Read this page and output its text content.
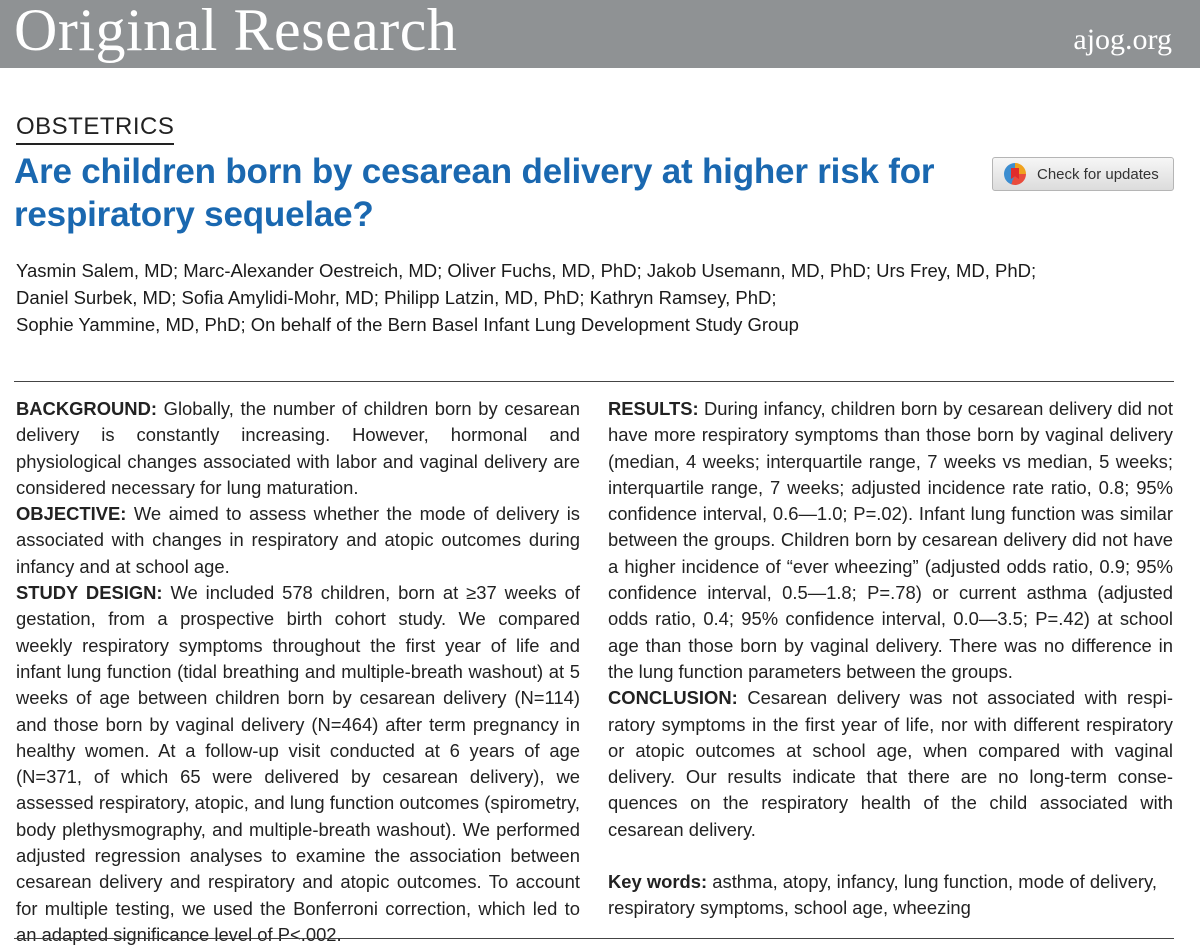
Original Research	ajog.org
OBSTETRICS
Are children born by cesarean delivery at higher risk for respiratory sequelae?
Check for updates
Yasmin Salem, MD; Marc-Alexander Oestreich, MD; Oliver Fuchs, MD, PhD; Jakob Usemann, MD, PhD; Urs Frey, MD, PhD;
Daniel Surbek, MD; Sofia Amylidi-Mohr, MD; Philipp Latzin, MD, PhD; Kathryn Ramsey, PhD;
Sophie Yammine, MD, PhD; On behalf of the Bern Basel Infant Lung Development Study Group

BACKGROUND: Globally, the number of children born by cesarean delivery is constantly increasing. However, hormonal and physiological changes associated with labor and vaginal delivery are considered necessary for lung maturation.

OBJECTIVE: We aimed to assess whether the mode of delivery is associated with changes in respiratory and atopic outcomes during infancy and at school age.

STUDY DESIGN: We included 578 children, born at ≥37 weeks of gestation, from a prospective birth cohort study. We compared weekly respiratory symptoms throughout the first year of life and infant lung function (tidal breathing and multiple-breath washout) at 5 weeks of age between children born by cesarean delivery (N=114) and those born by vaginal delivery (N=464) after term pregnancy in healthy women. At a follow-up visit conducted at 6 years of age (N=371, of which 65 were delivered by cesarean delivery), we assessed respiratory, atopic, and lung function outcomes (spirometry, body plethysmography, and multiple-breath washout). We performed adjusted regression analyses to examine the association between cesarean delivery and respiratory and atopic outcomes. To account for multiple testing, we used the Bonferroni correction, which led to an adapted significance level of P<.002.

RESULTS: During infancy, children born by cesarean delivery did not have more respiratory symptoms than those born by vaginal delivery (median, 4 weeks; interquartile range, 7 weeks vs median, 5 weeks; interquartile range, 7 weeks; adjusted incidence rate ratio, 0.8; 95% confidence interval, 0.6—1.0; P=.02). Infant lung function was similar between the groups. Children born by cesarean delivery did not have a higher incidence of “ever wheezing” (adjusted odds ratio, 0.9; 95% confidence interval, 0.5—1.8; P=.78) or current asthma (adjusted odds ratio, 0.4; 95% confidence interval, 0.0—3.5; P=.42) at school age than those born by vaginal delivery. There was no difference in the lung function parameters between the groups.

CONCLUSION: Cesarean delivery was not associated with respiratory symptoms in the first year of life, nor with different respiratory or atopic outcomes at school age, when compared with vaginal delivery. Our results indicate that there are no long-term consequences on the respiratory health of the child associated with cesarean delivery.

Key words: asthma, atopy, infancy, lung function, mode of delivery, respiratory symptoms, school age, wheezing
